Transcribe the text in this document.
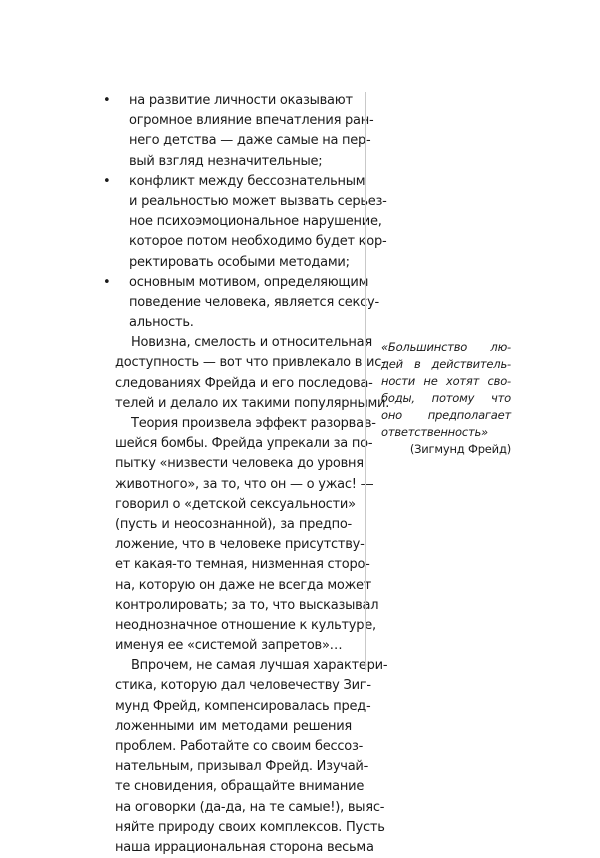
•	на развитие личности оказывают
огромное влияние впечатления ран-
него детства — даже самые на пер-
вый взгляд незначительные;
•	конфликт между бессознательным
и реальностью может вызвать серьез-
ное психоэмоциональное нарушение,
которое потом необходимо будет кор-
ректировать особыми методами;
•	основным мотивом, определяющим
поведение человека, является сексу-
альность.
Новизна, смелость и относительная
доступность — вот что привлекало в ис-
следованиях Фрейда и его последова-
телей и делало их такими популярными.
Теория произвела эффект разорвав-
шейся бомбы. Фрейда упрекали за по-
пытку «низвести человека до уровня
животного», за то, что он — о ужас! —
говорил о «детской сексуальности»
(пусть и неосознанной), за предпо-
ложение, что в человеке присутству-
ет какая-то темная, низменная сторо-
на, которую он даже не всегда может
контролировать; за то, что высказывал
неоднозначное отношение к культуре,
именуя ее «системой запретов»…
Впрочем, не самая лучшая характери-
стика, которую дал человечеству Зиг-
мунд Фрейд, компенсировалась пред-
ложенными им методами решения
проблем. Работайте со своим бессоз-
нательным, призывал Фрейд. Изучай-
те сновидения, обращайте внимание
на оговорки (да-да, на те самые!), выяс-
няйте природу своих комплексов. Пусть
наша иррациональная сторона весьма
«Большинство лю-
дей в действитель-
ности не хотят сво-
боды, потому что
оно предполагает
ответственность»
(Зигмунд Фрейд)
